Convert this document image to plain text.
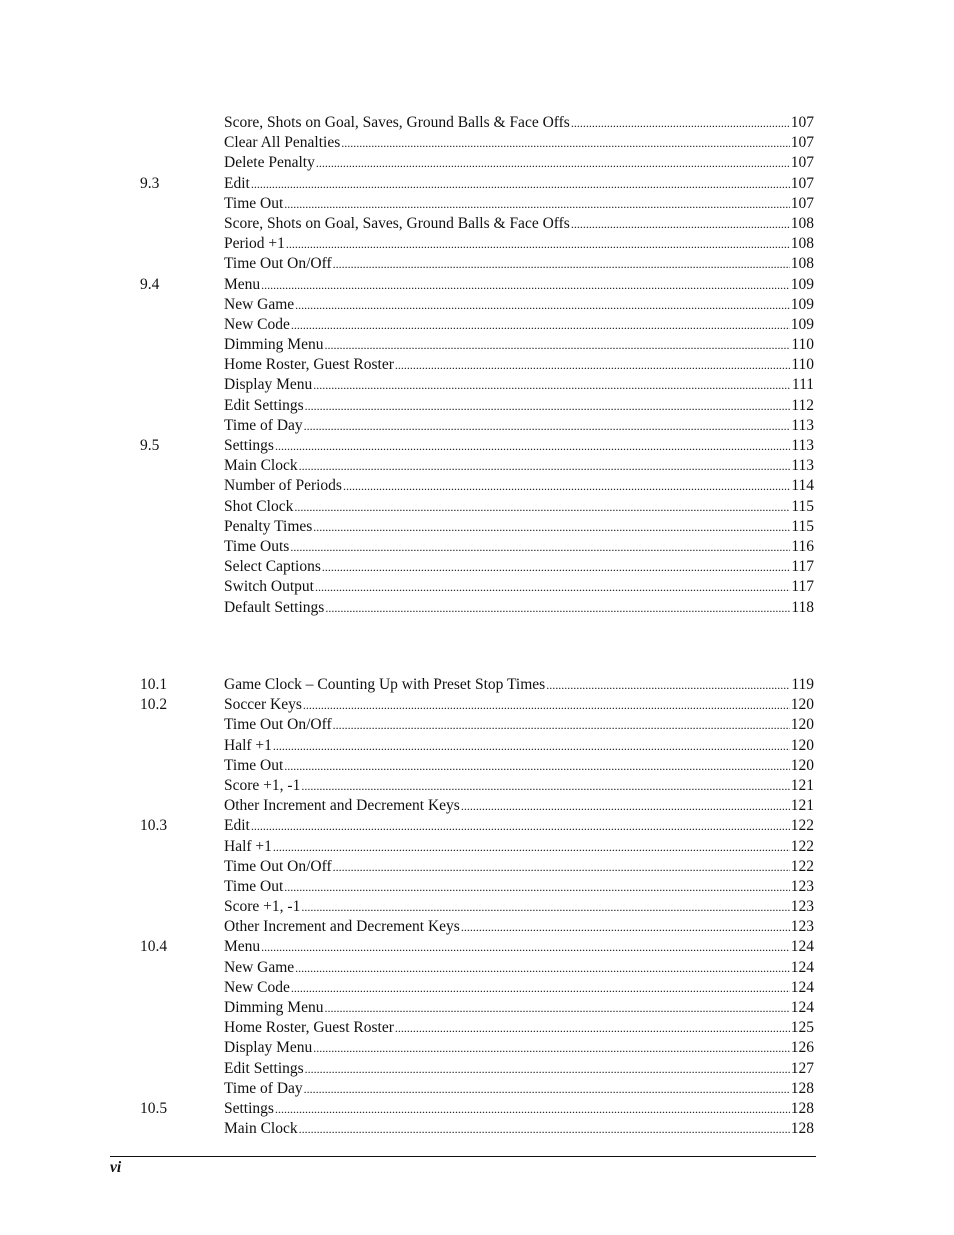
Score, Shots on Goal, Saves, Ground Balls & Face Offs .....	107
Clear All Penalties .....	107
Delete Penalty .....	107
9.3	Edit .....	107
Time Out .....	107
Score, Shots on Goal, Saves, Ground Balls & Face Offs .....	108
Period +1 .....	108
Time Out On/Off .....	108
9.4	Menu .....	109
New Game .....	109
New Code .....	109
Dimming Menu .....	110
Home Roster, Guest Roster .....	110
Display Menu .....	111
Edit Settings .....	112
Time of Day .....	113
9.5	Settings .....	113
Main Clock .....	113
Number of Periods .....	114
Shot Clock .....	115
Penalty Times .....	115
Time Outs .....	116
Select Captions .....	117
Switch Output .....	117
Default Settings .....	118
10.1	Game Clock – Counting Up with Preset Stop Times .....	119
10.2	Soccer Keys .....	120
Time Out On/Off .....	120
Half +1 .....	120
Time Out .....	120
Score +1, -1 .....	121
Other Increment and Decrement Keys .....	121
10.3	Edit .....	122
Half +1 .....	122
Time Out On/Off .....	122
Time Out .....	123
Score +1, -1 .....	123
Other Increment and Decrement Keys .....	123
10.4	Menu .....	124
New Game .....	124
New Code .....	124
Dimming Menu .....	124
Home Roster, Guest Roster .....	125
Display Menu .....	126
Edit Settings .....	127
Time of Day .....	128
10.5	Settings .....	128
Main Clock .....	128
vi
